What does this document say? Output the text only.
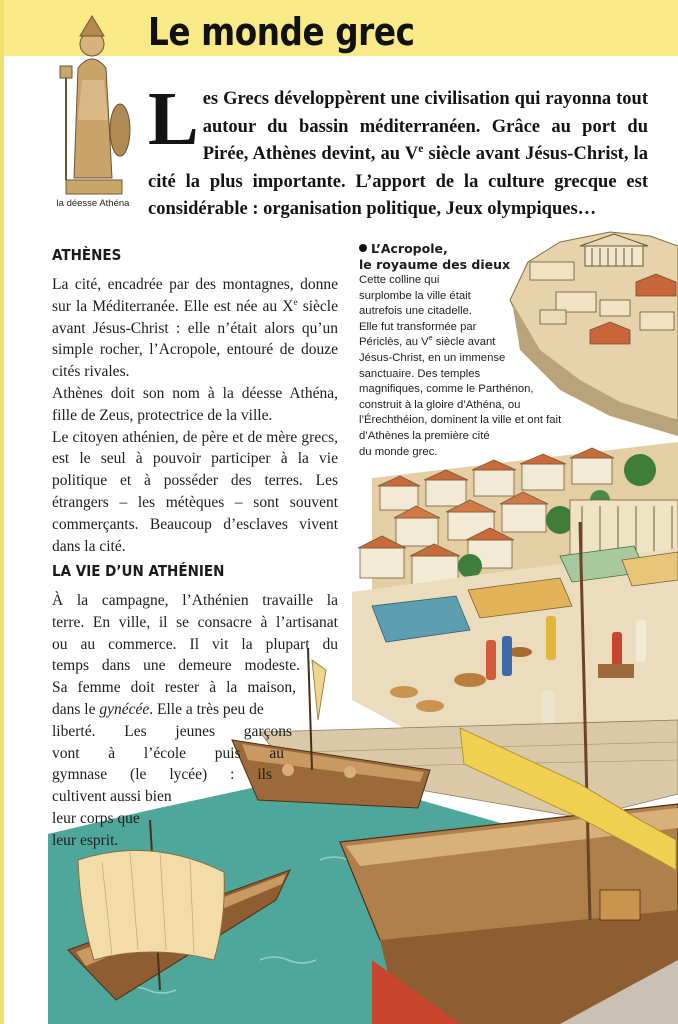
la déesse Athéna
Le monde grec

Les Grecs développèrent une civilisation qui rayonna tout autour du bassin méditerranéen. Grâce au port du Pirée, Athènes devint, au Ve siècle avant Jésus-Christ, la cité la plus importante. L’apport de la culture grecque est considérable : organisation politique, Jeux olympiques…

ATHÈNES

La cité, encadrée par des montagnes, donne sur la Méditerranée. Elle est née au Xe siècle avant Jésus-Christ : elle n’était alors qu’un simple rocher, l’Acropole, entouré de douze cités rivales.

Athènes doit son nom à la déesse Athéna, fille de Zeus, protectrice de la ville.

Le citoyen athénien, de père et de mère grecs, est le seul à pouvoir participer à la vie politique et à posséder des terres. Les étrangers – les métèques – sont souvent commerçants. Beaucoup d’esclaves vivent dans la cité.

LA VIE D’UN ATHÉNIEN
À la campagne, l’Athénien travaille la
terre. En ville, il se consacre à l’artisanat
ou au commerce. Il vit la plupart du
temps dans une demeure modeste.
Sa femme doit rester à la maison,
dans le gynécée. Elle a très peu de
liberté. Les jeunes garçons
vont à l’école puis au
gymnase (le lycée) : ils
cultivent aussi bien
leur corps que
leur esprit.
L’Acropole,
le royaume des dieux
Cette colline qui
surplombe la ville était
autrefois une citadelle.
Elle fut transformée par
Périclès, au Ve siècle avant
Jésus-Christ, en un immense
sanctuaire. Des temples
magnifiques, comme le Parthénon,
construit à la gloire d’Athéna, ou
l’Érechthéion, dominent la ville et ont fait
d’Athènes la première cité
du monde grec.
